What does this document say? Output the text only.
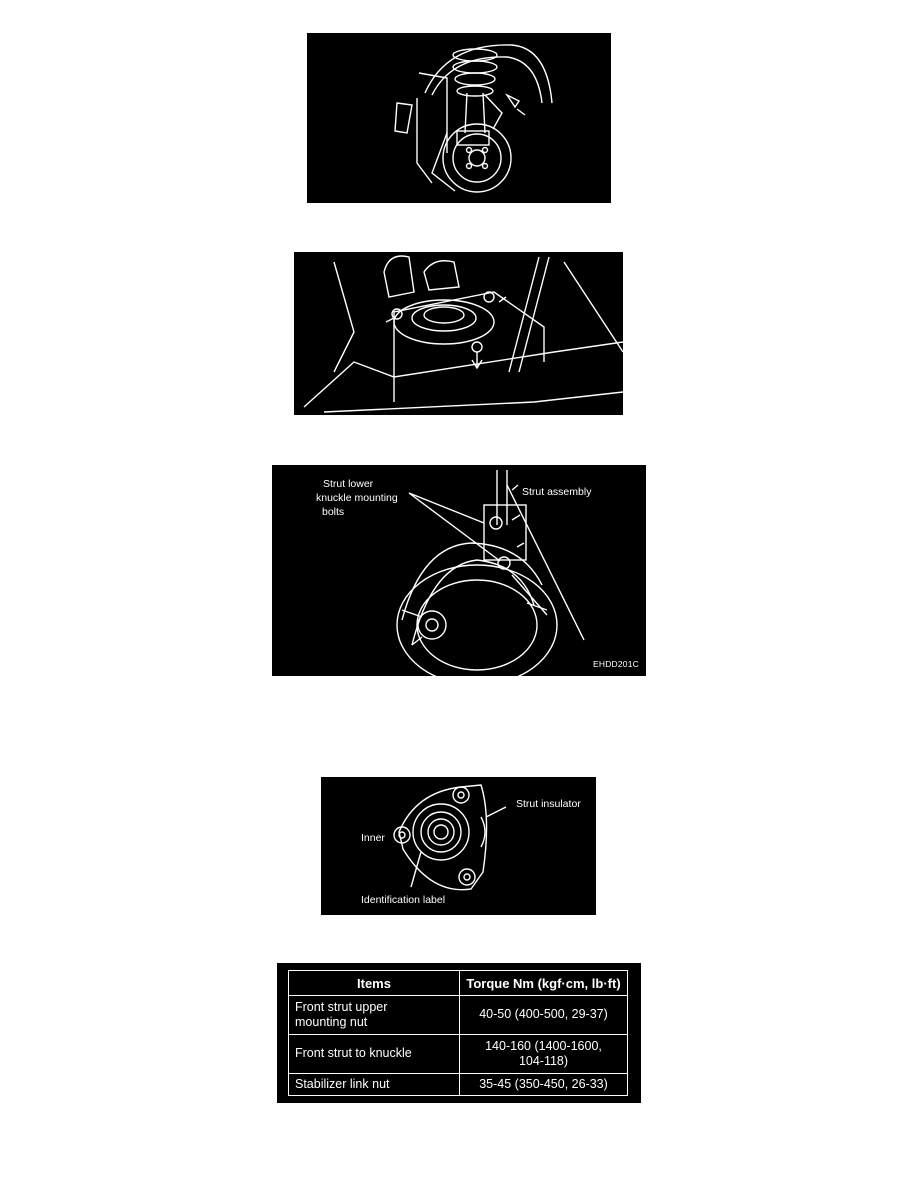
Strut lower
knuckle mounting
bolts
Strut assembly
EHDD201C
Strut insulator
Inner
Identification label
Items	Torque Nm (kgf·cm, lb·ft)
Front strut upper
mounting nut	40-50 (400-500, 29-37)
Front strut to knuckle	140-160 (1400-1600,
104-118)
Stabilizer link nut	35-45 (350-450, 26-33)
